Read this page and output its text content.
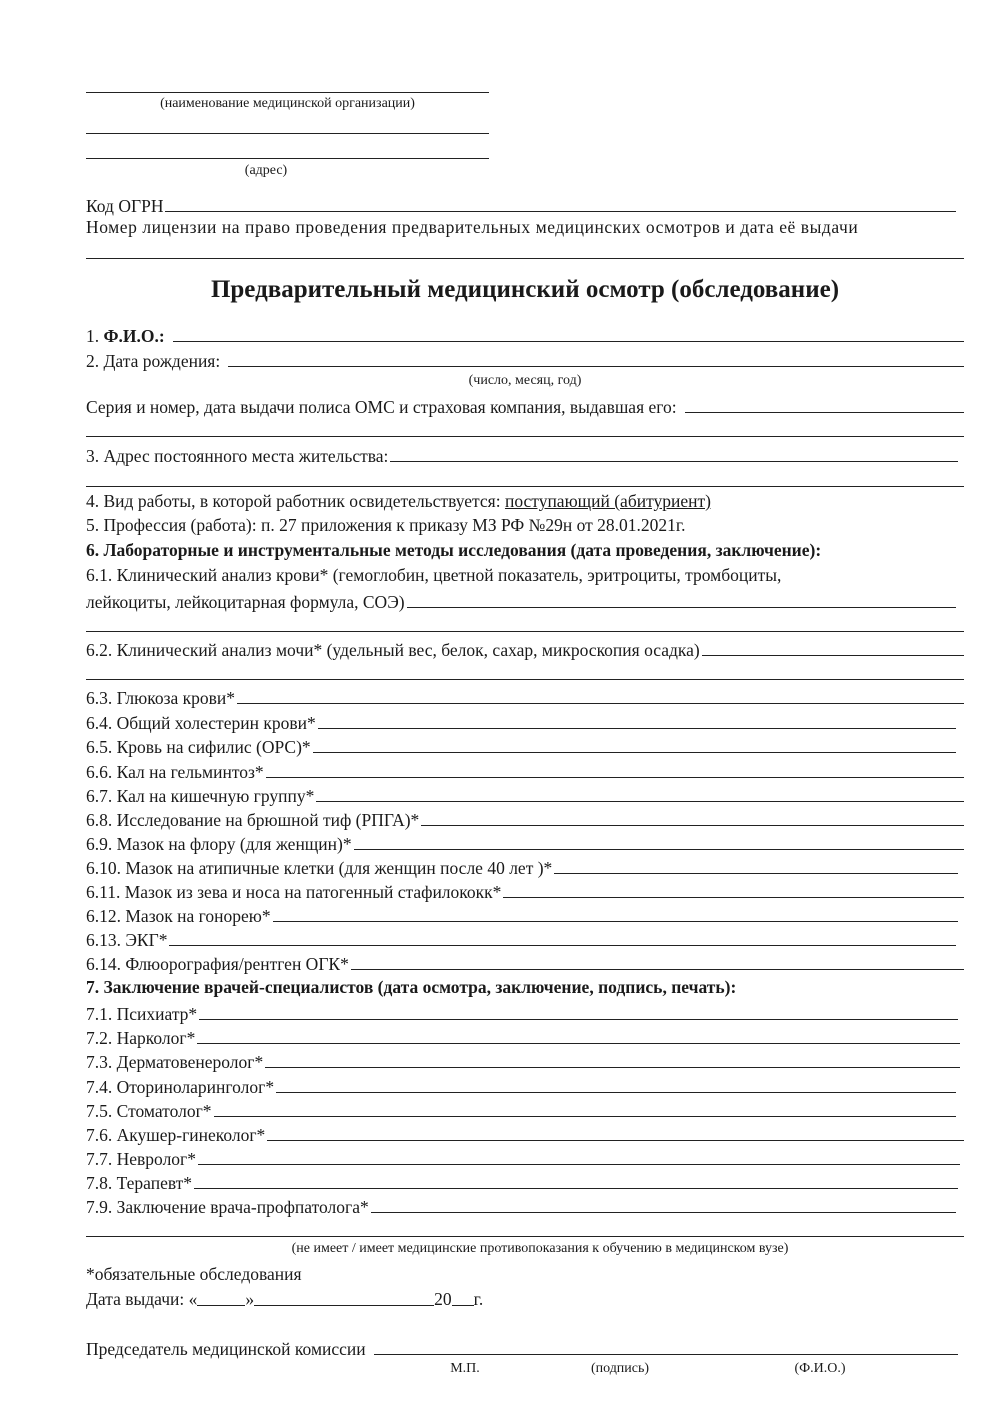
(наименование медицинской организации)
(адрес)
Код ОГРН
Номер лицензии на право проведения предварительных медицинских осмотров и дата её выдачи
Предварительный медицинский осмотр (обследование)
1.
Ф.И.О.:
2. Дата рождения:
(число, месяц, год)
Серия и номер, дата выдачи полиса ОМС и страховая компания, выдавшая его:
3. Адрес постоянного места жительства:
4. Вид работы, в которой работник освидетельствуется: поступающий (абитуриент)
5. Профессия (работа): п. 27 приложения к приказу МЗ РФ №29н от 28.01.2021г.
6. Лабораторные и инструментальные методы исследования (дата проведения, заключение):
6.1. Клинический анализ крови* (гемоглобин, цветной показатель, эритроциты, тромбоциты,
лейкоциты, лейкоцитарная формула, СОЭ)
6.2. Клинический анализ мочи* (удельный вес, белок, сахар, микроскопия осадка)
6.3. Глюкоза крови*
6.4. Общий холестерин крови*
6.5. Кровь на сифилис (ОРС)*
6.6. Кал на гельминтоз*
6.7. Кал на кишечную группу*
6.8. Исследование на брюшной тиф (РПГА)*
6.9. Мазок на флору (для женщин)*
6.10. Мазок на атипичные клетки (для женщин после 40 лет )*
6.11. Мазок из зева и носа на патогенный стафилококк*
6.12. Мазок на гонорею*
6.13. ЭКГ*
6.14. Флюорография/рентген ОГК*
7. Заключение врачей-специалистов (дата осмотра, заключение, подпись, печать):
7.1. Психиатр*
7.2. Нарколог*
7.3. Дерматовенеролог*
7.4. Оториноларинголог*
7.5. Стоматолог*
7.6. Акушер-гинеколог*
7.7. Невролог*
7.8. Терапевт*
7.9. Заключение врача-профпатолога*
(не имеет / имеет медицинские противопоказания к обучению в медицинском вузе)
*обязательные обследования
Дата выдачи: «	»	20 г.
Председатель медицинской комиссии
М.П.	(подпись)	(Ф.И.О.)
